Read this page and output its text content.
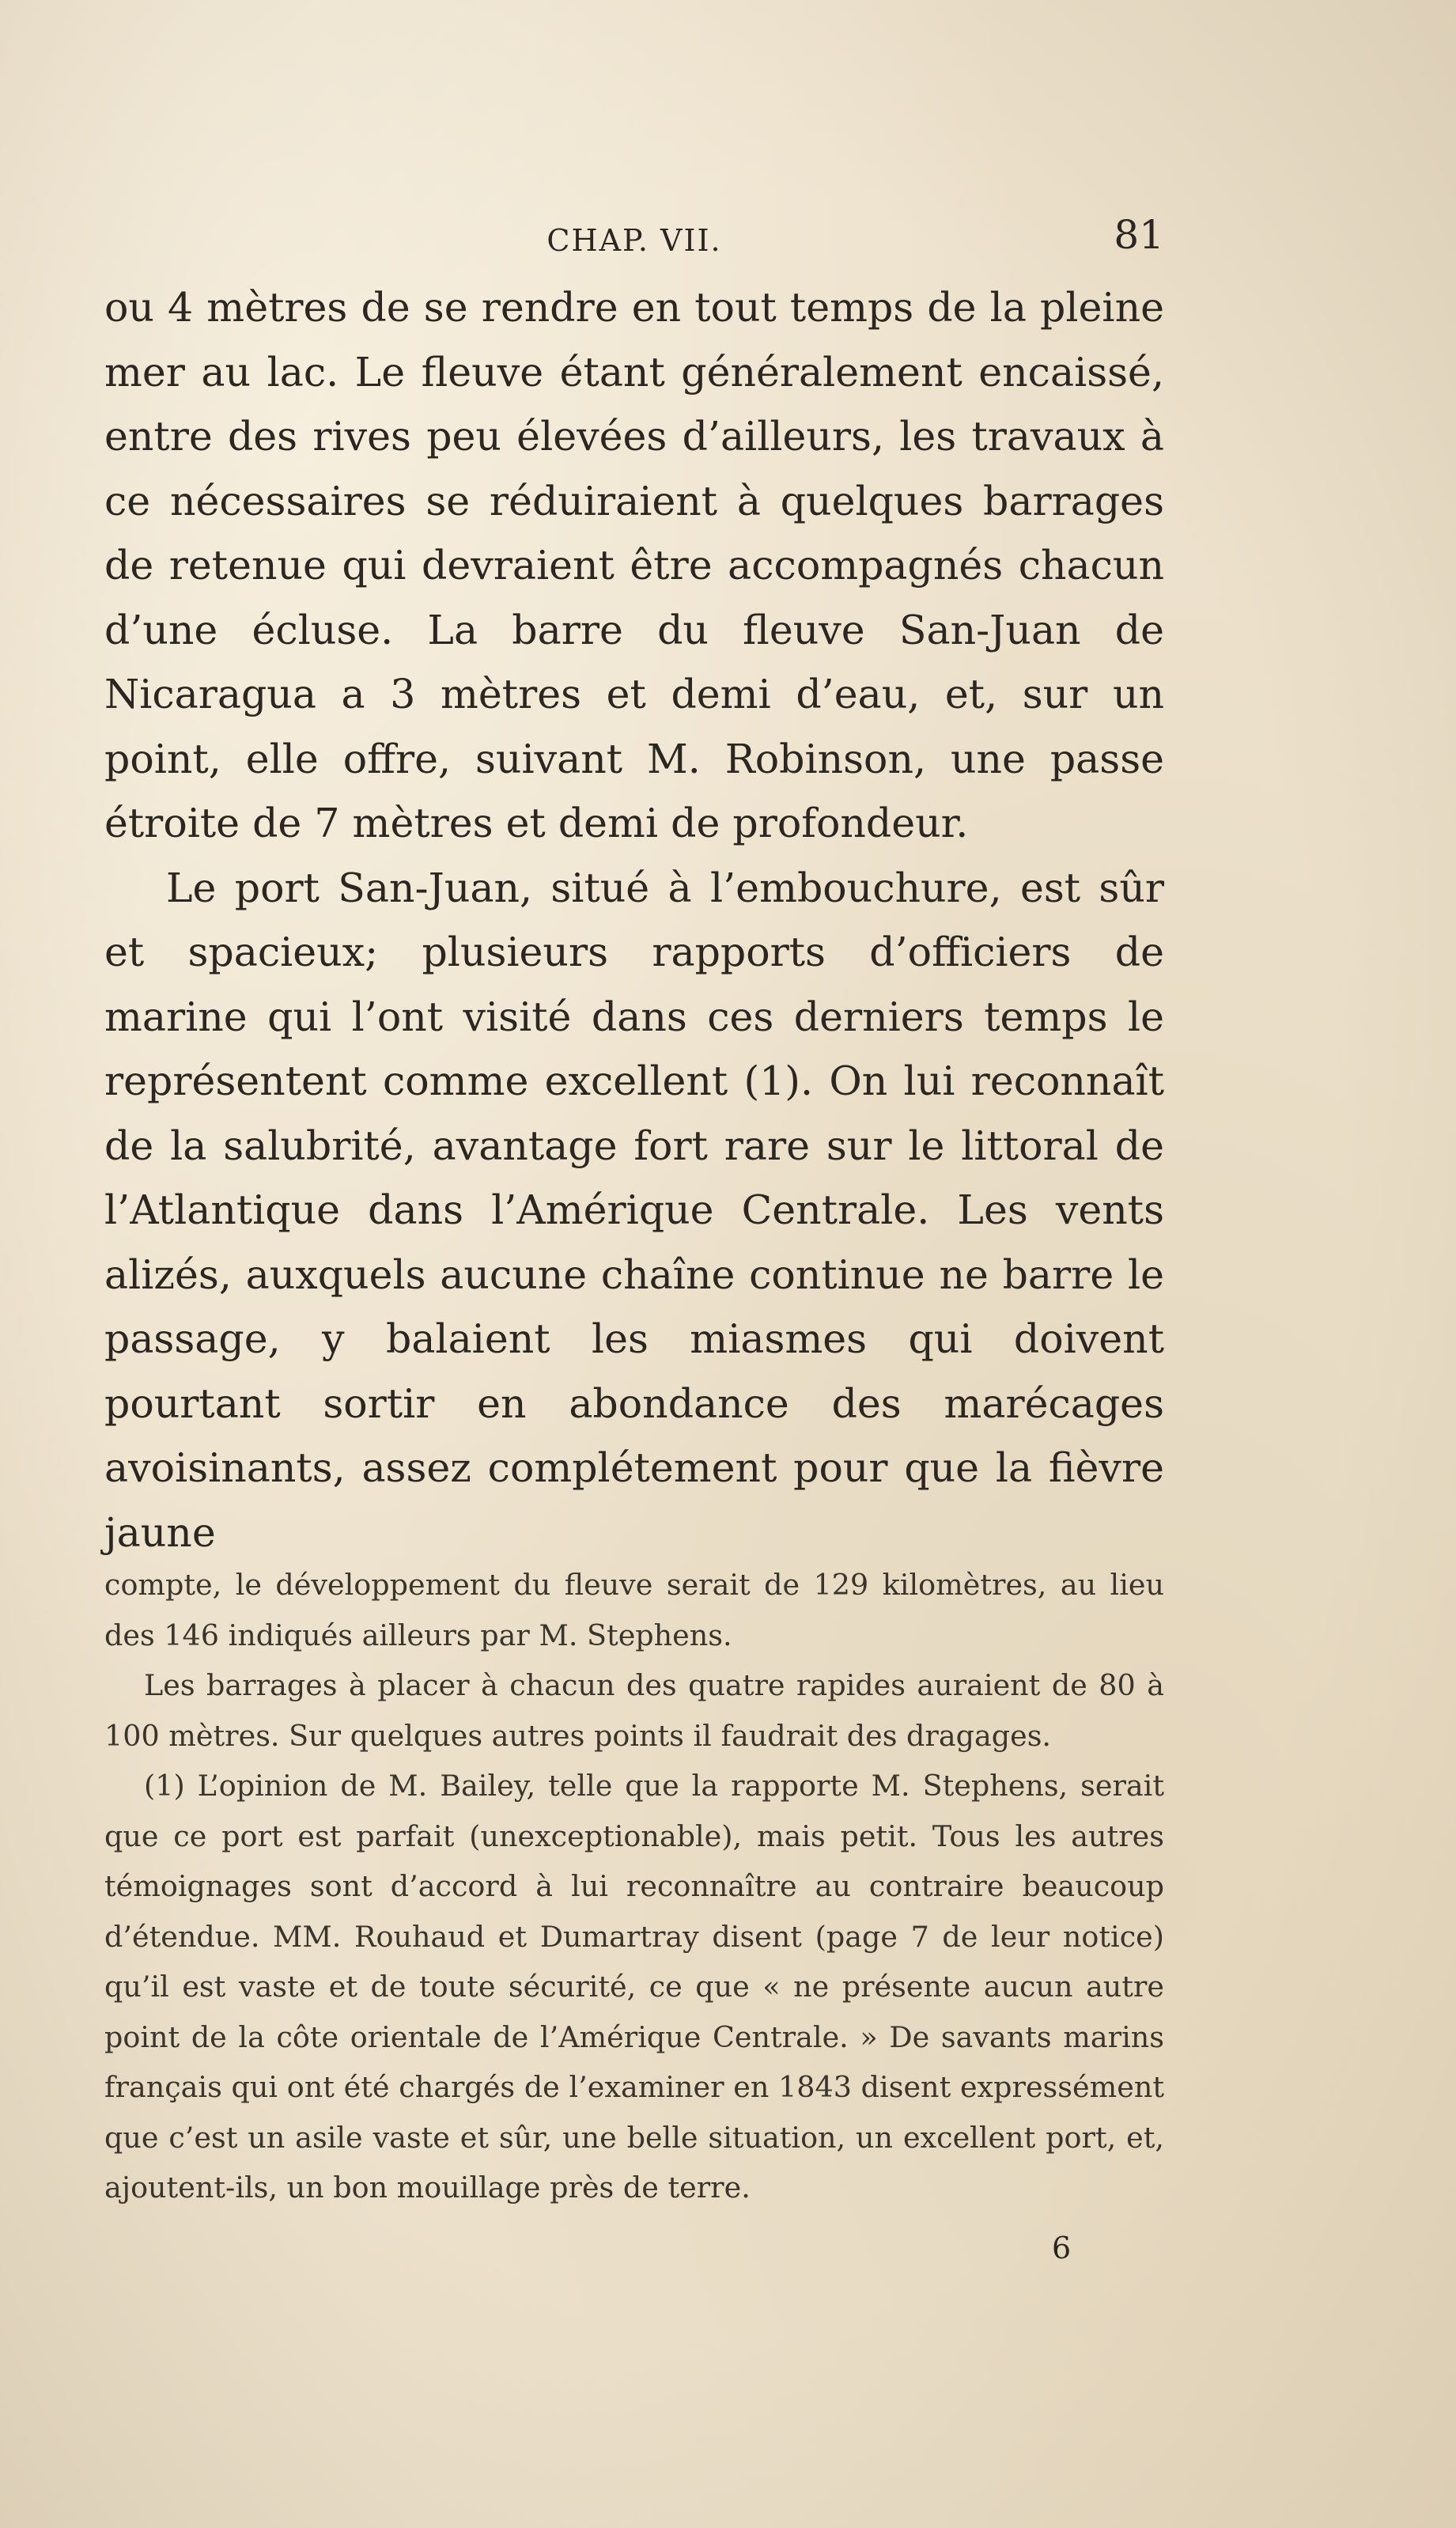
CHAP. VII.	81

ou 4 mètres de se rendre en tout temps de la pleine mer au lac. Le fleuve étant généralement encaissé, entre des rives peu élevées d’ailleurs, les travaux à ce nécessaires se réduiraient à quelques barrages de retenue qui devraient être accompagnés chacun d’une écluse. La barre du fleuve San-Juan de Nicaragua a 3 mètres et demi d’eau, et, sur un point, elle offre, suivant M. Robinson, une passe étroite de 7 mètres et demi de profondeur.

Le port San-Juan, situé à l’embouchure, est sûr et spacieux; plusieurs rapports d’officiers de marine qui l’ont visité dans ces derniers temps le représentent comme excellent (1). On lui reconnaît de la salubrité, avantage fort rare sur le littoral de l’Atlantique dans l’Amérique Centrale. Les vents alizés, auxquels aucune chaîne continue ne barre le passage, y balaient les miasmes qui doivent pourtant sortir en abondance des marécages avoisinants, assez complétement pour que la fièvre jaune

compte, le développement du fleuve serait de 129 kilomètres, au lieu des 146 indiqués ailleurs par M. Stephens.

Les barrages à placer à chacun des quatre rapides auraient de 80 à 100 mètres. Sur quelques autres points il faudrait des dragages.

(1) L’opinion de M. Bailey, telle que la rapporte M. Stephens, serait que ce port est parfait (unexceptionable), mais petit. Tous les autres témoignages sont d’accord à lui reconnaître au contraire beaucoup d’étendue. MM. Rouhaud et Dumartray disent (page 7 de leur notice) qu’il est vaste et de toute sécurité, ce que « ne présente aucun autre point de la côte orientale de l’Amérique Centrale. » De savants marins français qui ont été chargés de l’examiner en 1843 disent expressément que c’est un asile vaste et sûr, une belle situation, un excellent port, et, ajoutent-ils, un bon mouillage près de terre.

6
